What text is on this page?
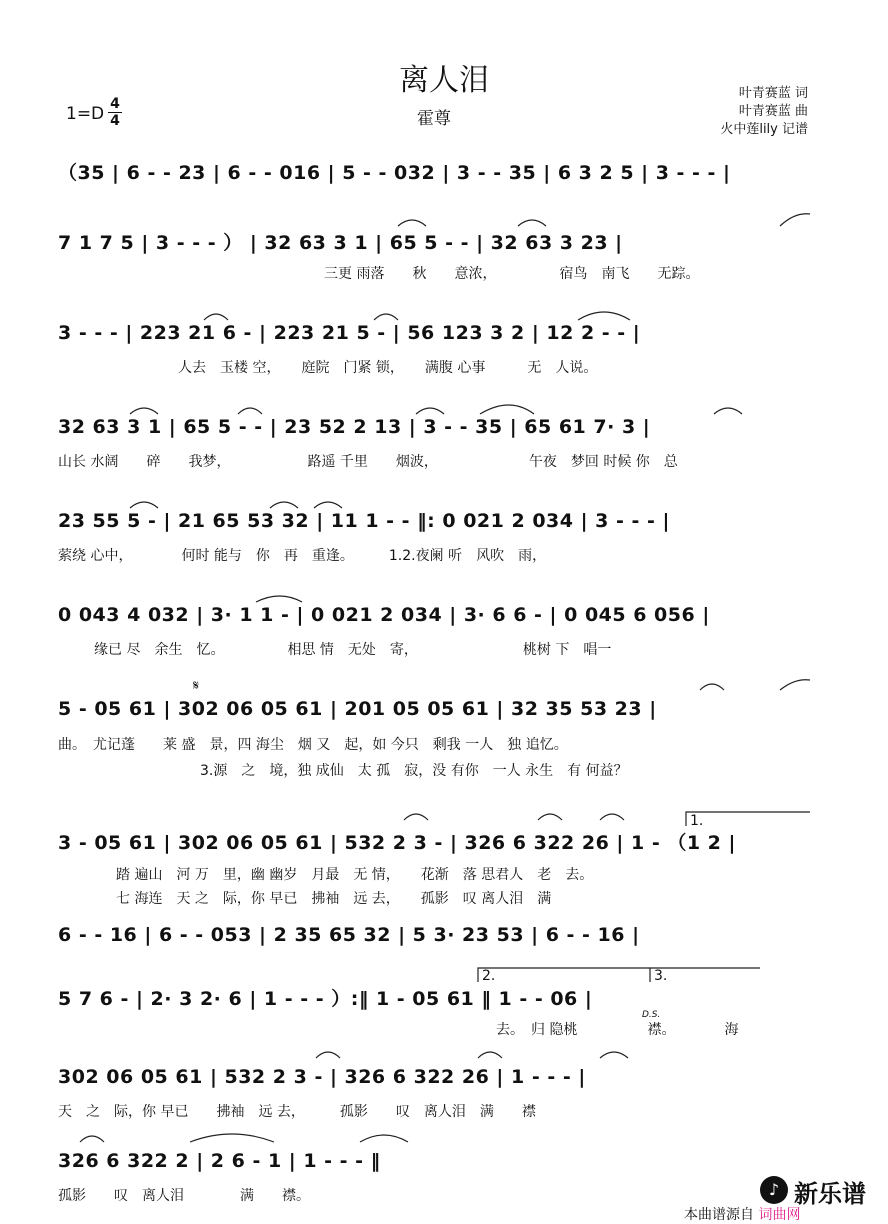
离人泪
霍尊
1=D 4
4
叶青赛蓝 词
叶青赛蓝 曲
火中莲lily 记谱
（35 | 6 - - 23 | 6 - - 016 | 5 - - 032 | 3 - - 35 | 6 3 2 5 | 3 - - - |
7 1 7 5 | 3 - - - ） | 32 63 3 1 | 65 5 - - | 32 63 3 23 |
三更 雨落　　秋　　意浓，　　　　　宿鸟　南飞　　无踪。
3 - - - | 223 21 6 - | 223 21 5 - | 56 123 3 2 | 12 2 - - |
人去　玉楼 空，　　庭院　门紧 锁，　　满腹 心事　　　无　人说。
32 63 3 1 | 65 5 - - | 23 52 2 13 | 3 - - 35 | 65 61 7· 3 |
山长 水阔　　碎　　我梦，　　　　　　路遥 千里　　烟波，　　　　　　　午夜　梦回 时候 你　总
23 55 5 - | 21 65 53 32 | 11 1 - - ‖: 0 021 2 034 | 3 - - - |
萦绕 心中，　　　　何时 能与　你　再　重逢。　　　1.2.夜阑 听　风吹　雨，
0 043 4 032 | 3· 1 1 - | 0 021 2 034 | 3· 6 6 - | 0 045 6 056 |
缘已 尽　余生　忆。　　　　　相思 情　无处　寄，　　　　　　　　桃树 下　唱一
𝄋
5 - 05 61 | 302 06 05 61 | 201 05 05 61 | 32 35 53 23 |
曲。　尤记蓬　　莱 盛　景，四 海尘　烟 又　起，如 今只　剩我 一人　独 追忆。
3.源　之　境，独 成仙　太 孤　寂，没 有你　一人 永生　有 何益？
1.
3 - 05 61 | 302 06 05 61 | 532 2 3 - | 326 6 322 26 | 1 - （1 2 |
踏 遍山　河 万　里，幽 幽岁　月最　无 情，　　花渐　落 思君人　老　去。
七 海连　天 之　际，你 早已　拂袖　远 去，　　孤影　叹 离人泪　满
6 - - 16 | 6 - - 053 | 2 35 65 32 | 5 3· 23 53 | 6 - - 16 |
2.	3.
5 7 6 - | 2· 3 2· 6 | 1 - - - ）:‖ 1 - 05 61 ‖ 1 - - 06 |
D.S.
去。　归 隐桃　　　　　襟。　　　　海
302 06 05 61 | 532 2 3 - | 326 6 322 26 | 1 - - - |
天　之　际，你 早已　　拂袖　远 去，　　　孤影　　叹　离人泪　满　　襟
326 6 322 2 | 2 6 - 1 | 1 - - - ‖
孤影　　叹　离人泪　　　　满　　襟。	♪ 新乐谱
本曲谱源自 词曲网
